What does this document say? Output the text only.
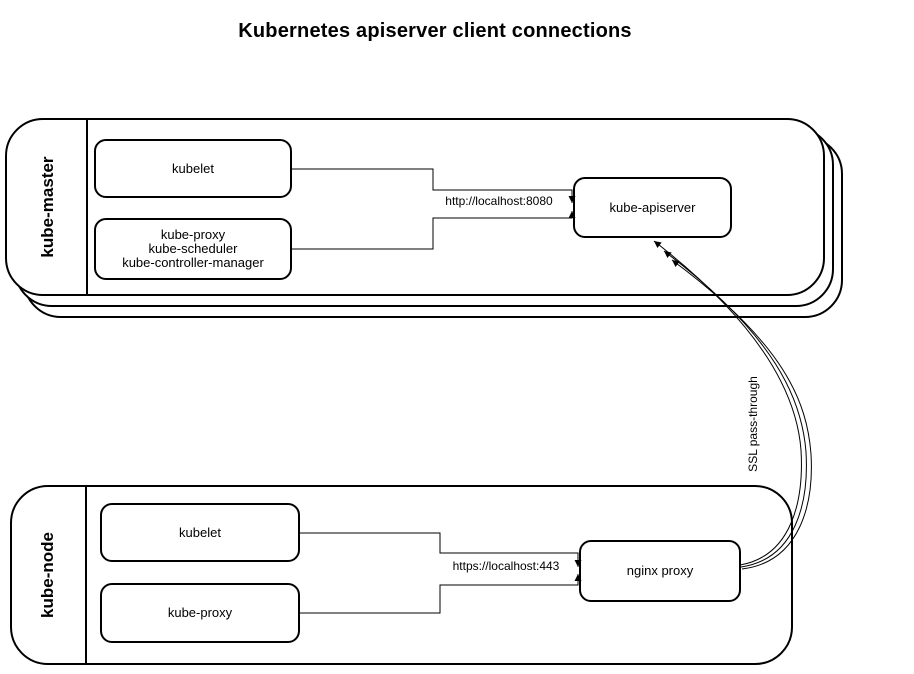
Kubernetes apiserver client connections
kube-master	kubelet
kube-proxy
kube-scheduler
kube-controller-manager
kube-apiserver
http://localhost:8080
kube-node
kubelet
kube-proxy
nginx proxy
https://localhost:443
SSL pass-through
